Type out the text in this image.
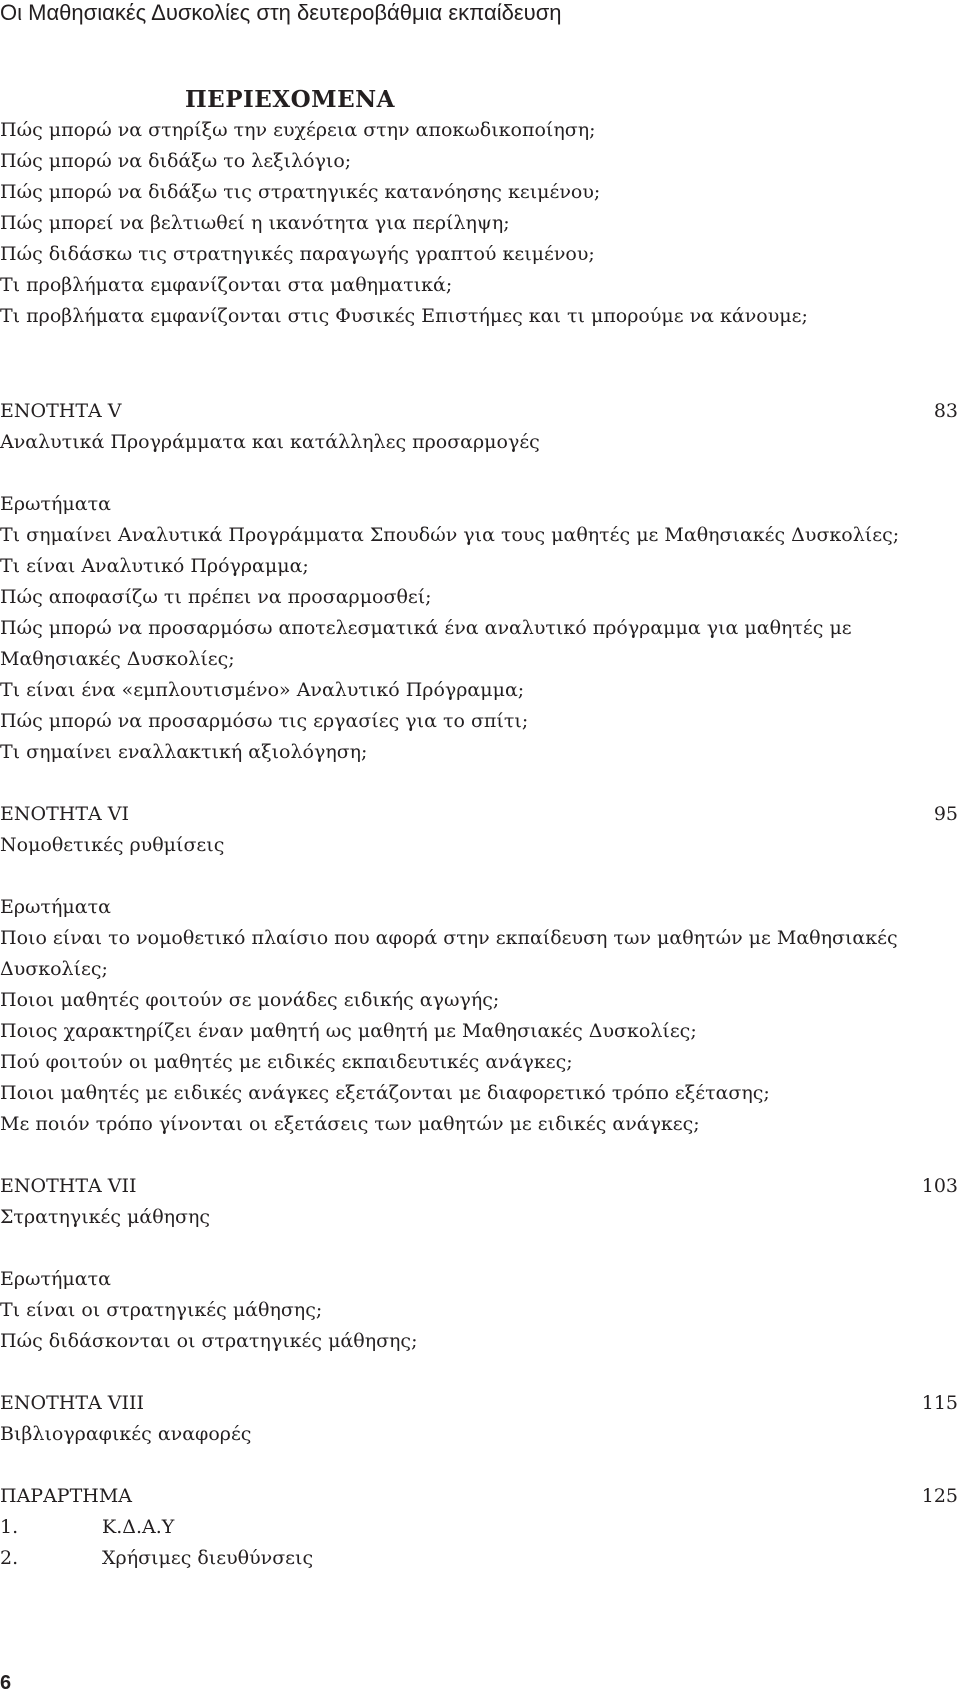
Οι Μαθησιακές Δυσκολίες στη δευτεροβάθμια εκπαίδευση
ΠΕΡΙΕΧΟΜΕΝΑ
Πώς μπορώ να στηρίξω την ευχέρεια στην αποκωδικοποίηση;
Πώς μπορώ να διδάξω το λεξιλόγιο;
Πώς μπορώ να διδάξω τις στρατηγικές κατανόησης κειμένου;
Πώς μπορεί να βελτιωθεί η ικανότητα για περίληψη;
Πώς διδάσκω τις στρατηγικές παραγωγής γραπτού κειμένου;
Τι προβλήματα εμφανίζονται στα μαθηματικά;
Τι προβλήματα εμφανίζονται στις Φυσικές Επιστήμες και τι μπορούμε να κάνουμε;
ΕΝΟΤΗΤΑ V	83
Αναλυτικά Προγράμματα και κατάλληλες προσαρμογές
Ερωτήματα
Τι σημαίνει Αναλυτικά Προγράμματα Σπουδών για τους μαθητές με Μαθησιακές Δυσκολίες;
Τι είναι Αναλυτικό Πρόγραμμα;
Πώς αποφασίζω τι πρέπει να προσαρμοσθεί;
Πώς μπορώ να προσαρμόσω αποτελεσματικά ένα αναλυτικό πρόγραμμα για μαθητές με Μαθησιακές Δυσκολίες;
Τι είναι ένα «εμπλουτισμένο» Αναλυτικό Πρόγραμμα;
Πώς μπορώ να προσαρμόσω τις εργασίες για το σπίτι;
Τι σημαίνει εναλλακτική αξιολόγηση;
ΕΝΟΤΗΤΑ VI	95
Νομοθετικές ρυθμίσεις
Ερωτήματα
Ποιο είναι το νομοθετικό πλαίσιο που αφορά στην εκπαίδευση των μαθητών με Μαθησιακές Δυσκολίες;
Ποιοι μαθητές φοιτούν σε μονάδες ειδικής αγωγής;
Ποιος χαρακτηρίζει έναν μαθητή ως μαθητή με Μαθησιακές Δυσκολίες;
Πού φοιτούν οι μαθητές με ειδικές εκπαιδευτικές ανάγκες;
Ποιοι μαθητές με ειδικές ανάγκες εξετάζονται με διαφορετικό τρόπο εξέτασης;
Με ποιόν τρόπο γίνονται οι εξετάσεις των μαθητών με ειδικές ανάγκες;
ΕΝΟΤΗΤΑ VII	103
Στρατηγικές μάθησης
Ερωτήματα
Τι είναι οι στρατηγικές μάθησης;
Πώς διδάσκονται οι στρατηγικές μάθησης;
ΕΝΟΤΗΤΑ VIII	115
Βιβλιογραφικές αναφορές
ΠΑΡΑΡΤΗΜΑ	125
1.	Κ.Δ.Α.Υ
2.	Χρήσιμες διευθύνσεις
6
